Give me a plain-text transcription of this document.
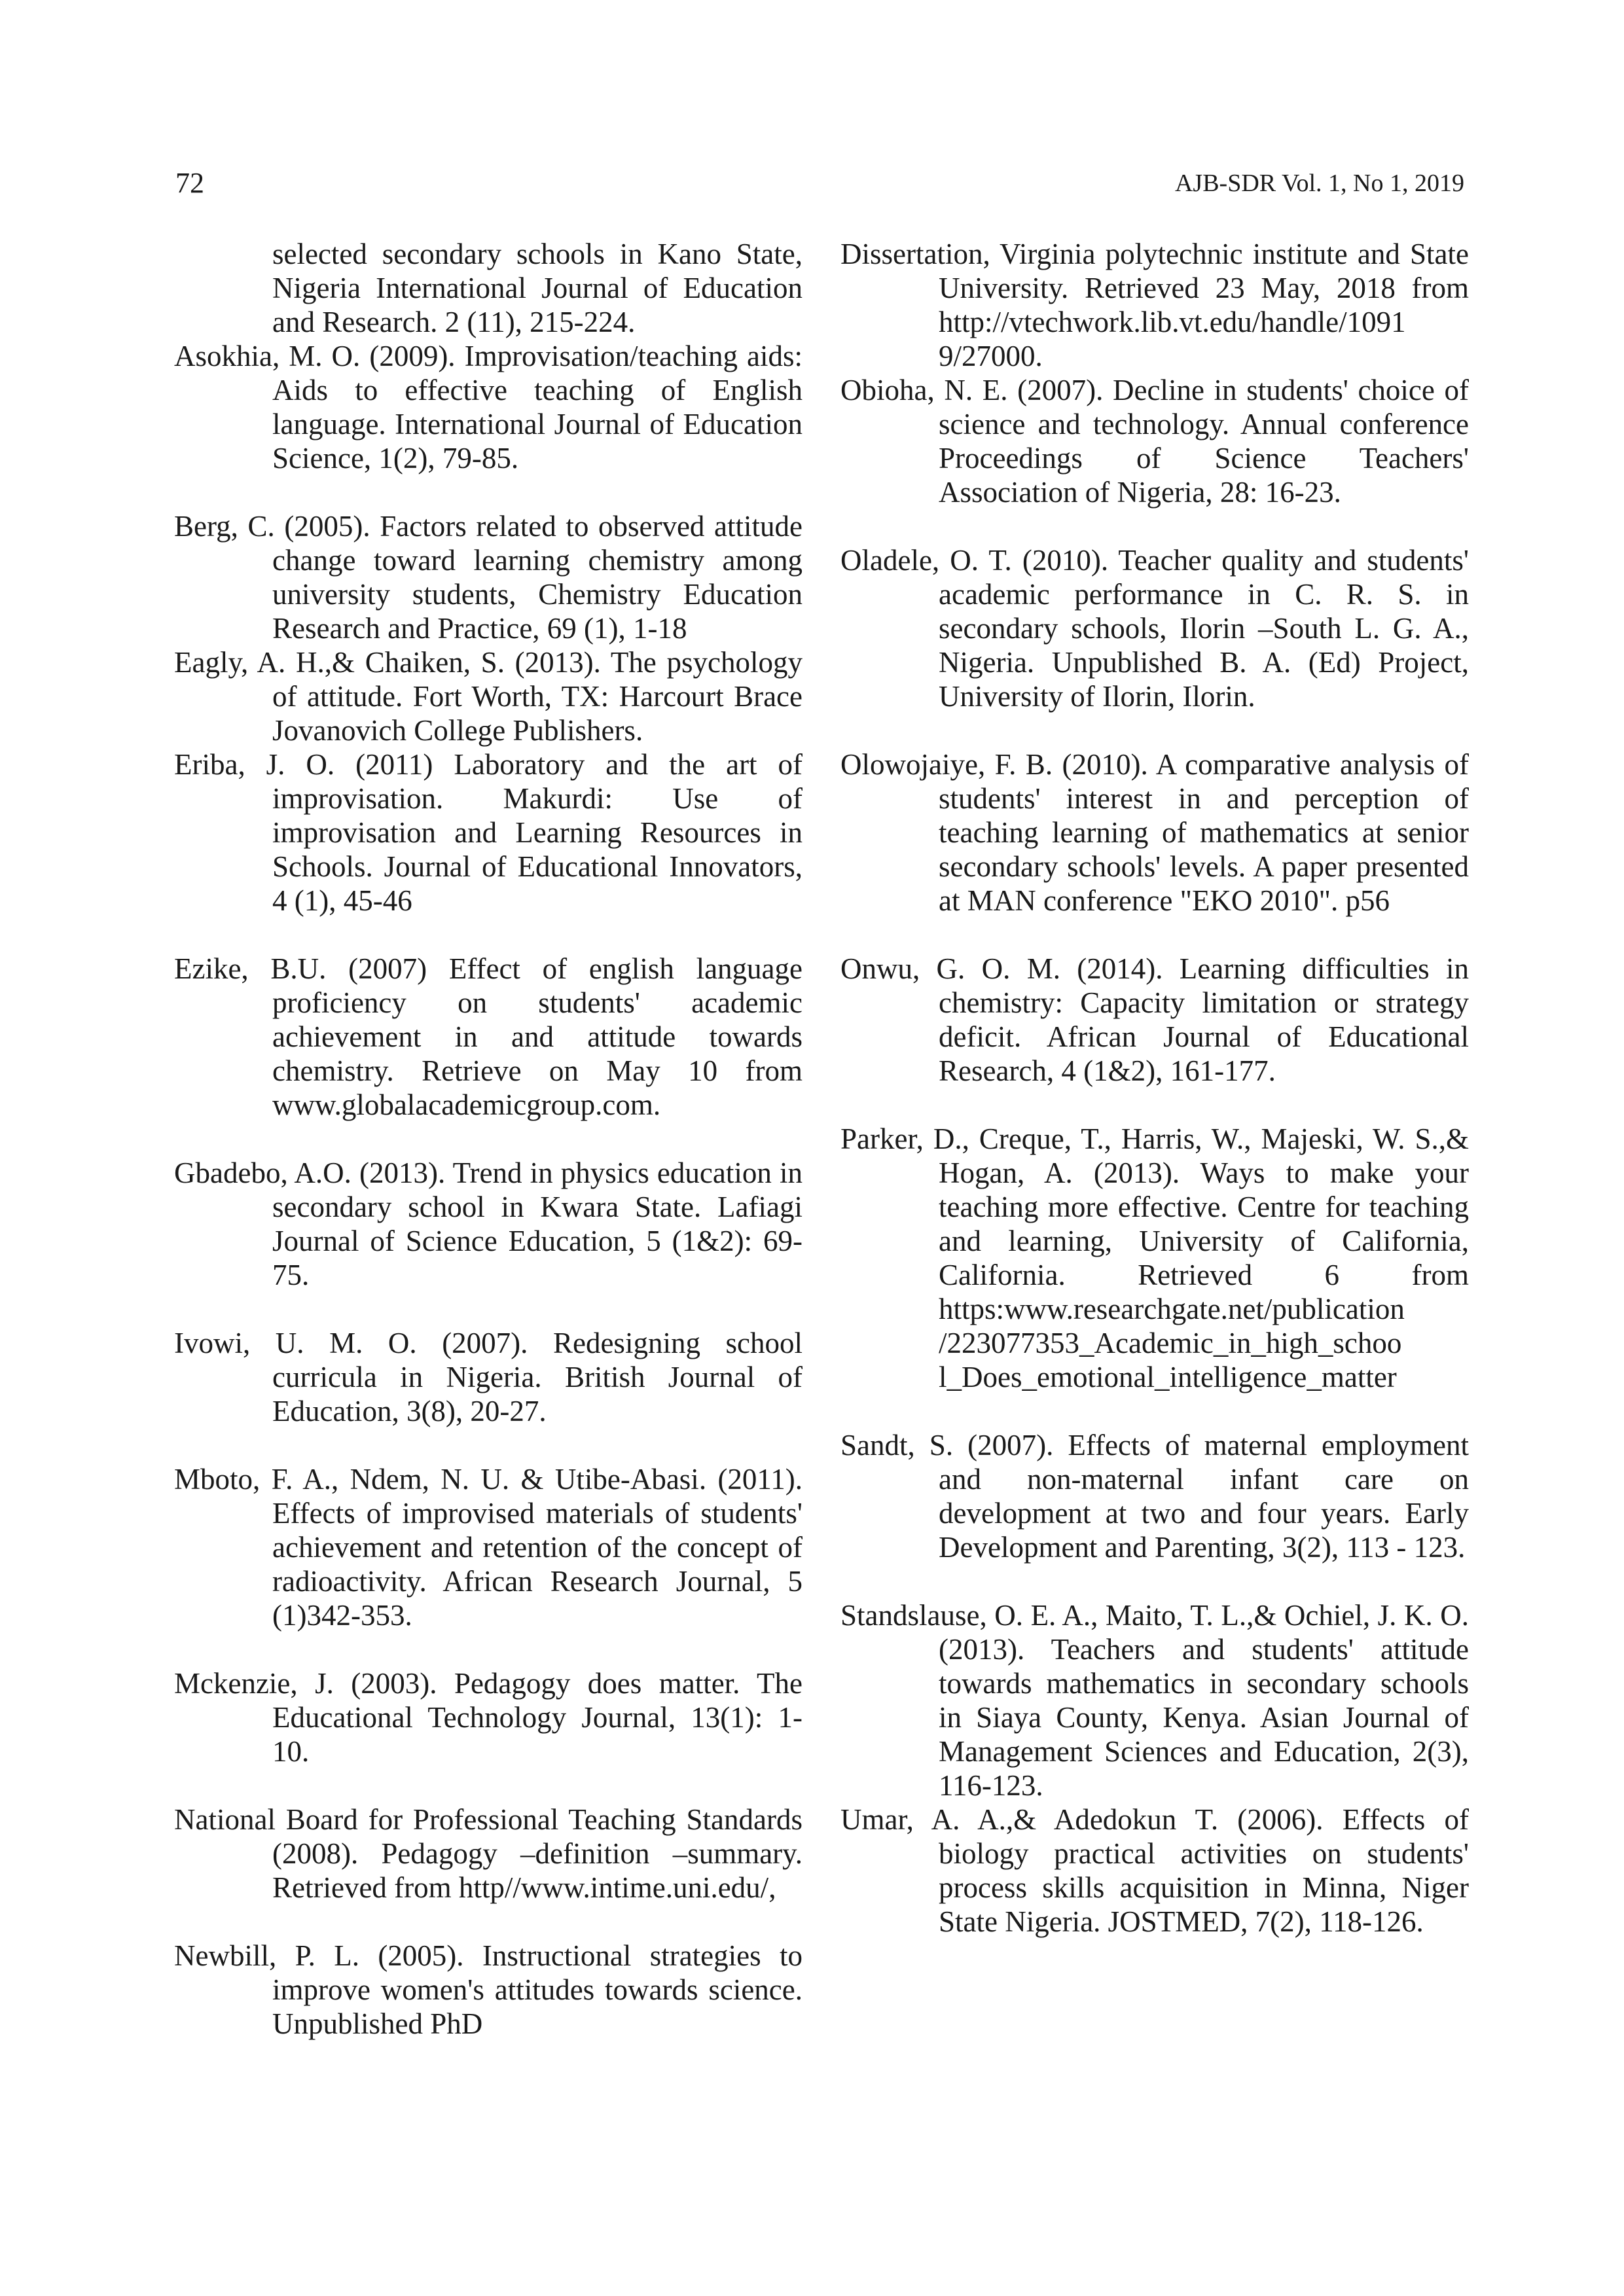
72	AJB-SDR Vol. 1, No 1, 2019

selected secondary schools in Kano State, Nigeria International Journal of Education and Research. 2 (11), 215-224.

Asokhia, M. O. (2009). Improvisation/teaching aids: Aids to effective teaching of English language. International Journal of Education Science, 1(2), 79-85.

Berg, C. (2005). Factors related to observed attitude change toward learning chemistry among university students, Chemistry Education Research and Practice, 69 (1), 1-18

Eagly, A. H.,& Chaiken, S. (2013). The psychology of attitude. Fort Worth, TX: Harcourt Brace Jovanovich College Publishers.

Eriba, J. O. (2011) Laboratory and the art of improvisation. Makurdi: Use of improvisation and Learning Resources in Schools. Journal of Educational Innovators, 4 (1), 45-46

Ezike, B.U. (2007) Effect of english language proficiency on students' academic achievement in and attitude towards chemistry. Retrieve on May 10 from www.globalacademicgroup.com.

Gbadebo, A.O. (2013). Trend in physics education in secondary school in Kwara State. Lafiagi Journal of Science Education, 5 (1&2): 69-75.

Ivowi, U. M. O. (2007). Redesigning school curricula in Nigeria. British Journal of Education, 3(8), 20-27.

Mboto, F. A., Ndem, N. U. & Utibe-Abasi. (2011). Effects of improvised materials of students' achievement and retention of the concept of radioactivity. African Research Journal, 5 (1)342-353.

Mckenzie, J. (2003). Pedagogy does matter. The Educational Technology Journal, 13(1): 1-10.

National Board for Professional Teaching Standards (2008). Pedagogy –definition –summary. Retrieved from http//www.intime.uni.edu/,

Newbill, P. L. (2005). Instructional strategies to improve women's attitudes towards science. Unpublished PhD

Dissertation, Virginia polytechnic institute and State University. Retrieved 23 May, 2018 from http://vtechwork.lib.vt.edu/handle/1091 9/27000.

Obioha, N. E. (2007). Decline in students' choice of science and technology. Annual conference Proceedings of Science Teachers' Association of Nigeria, 28: 16-23.

Oladele, O. T. (2010). Teacher quality and students' academic performance in C. R. S. in secondary schools, Ilorin –South L. G. A., Nigeria. Unpublished B. A. (Ed) Project, University of Ilorin, Ilorin.

Olowojaiye, F. B. (2010). A comparative analysis of students' interest in and perception of teaching learning of mathematics at senior secondary schools' levels. A paper presented at MAN conference "EKO 2010". p56

Onwu, G. O. M. (2014). Learning difficulties in chemistry: Capacity limitation or strategy deficit. African Journal of Educational Research, 4 (1&2), 161-177.

Parker, D., Creque, T., Harris, W., Majeski, W. S.,& Hogan, A. (2013). Ways to make your teaching more effective. Centre for teaching and learning, University of California, California. Retrieved 6 from https:www.researchgate.net/publication /223077353_Academic_in_high_schoo l_Does_emotional_intelligence_matter

Sandt, S. (2007). Effects of maternal employment and non-maternal infant care on development at two and four years. Early Development and Parenting, 3(2), 113 - 123.

Standslause, O. E. A., Maito, T. L.,& Ochiel, J. K. O. (2013). Teachers and students' attitude towards mathematics in secondary schools in Siaya County, Kenya. Asian Journal of Management Sciences and Education, 2(3), 116-123.

Umar, A. A.,& Adedokun T. (2006). Effects of biology practical activities on students' process skills acquisition in Minna, Niger State Nigeria. JOSTMED, 7(2), 118-126.
